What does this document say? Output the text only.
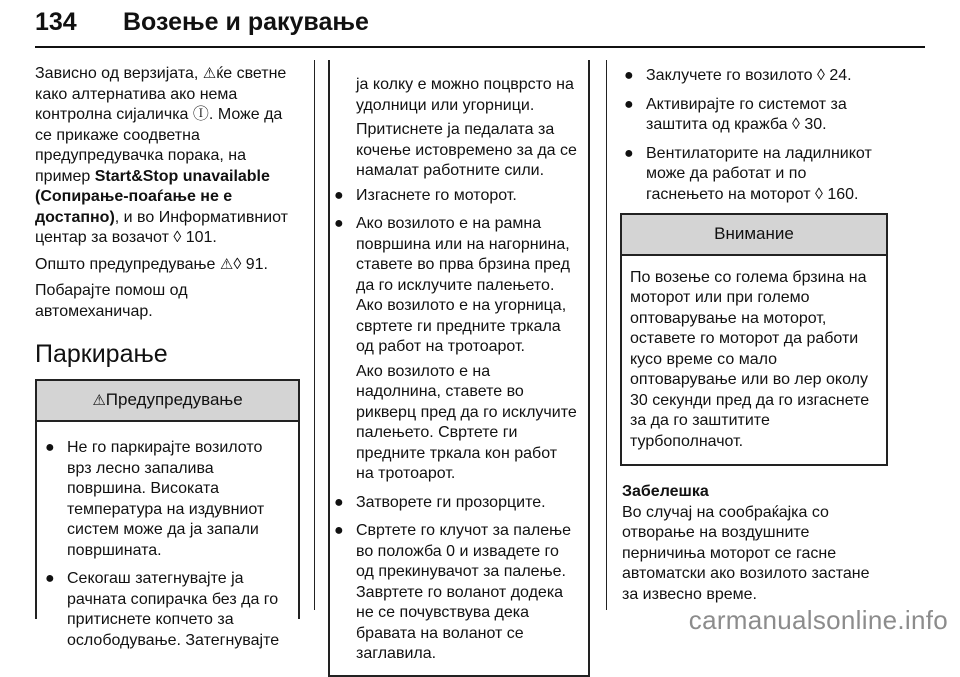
134 Возење и ракување

Зависно од верзијата, ⚠ќе светне како алтернатива ако нема контролна сијаличка Ⓘ. Може да се прикаже соодветна предупредувачка порака, на пример Start&Stop unavailable (Сопирање-поаѓање не е достапно), и во Информативниот центар за возачот ◊ 101.

Општо предупредување ⚠◊ 91.

Побарајте помош од автомеханичар.

Паркирање
⚠Предупредување
● Не го паркирајте возилото врз лесно запалива површина. Високата температура на издувниот систем може да ја запали површината.
● Секогаш затегнувајте ја рачната сопирачка без да го притиснете копчето за ослободување. Затегнувајте

ја колку е можно поцврсто на удолници или угорници.

Притиснете ја педалата за кочење истовремено за да се намалат работните сили.

● Изгаснете го моторот.
● Ако возилото е на рамна површина или на нагорнина, ставете во прва брзина пред да го исклучите палењето. Ако возилото е на угорница, свртете ги предните тркала од работ на тротоарот.

Ако возилото е на надолнина, ставете во рикверц пред да го исклучите палењето. Свртете ги предните тркала кон работ на тротоарот.

● Затворете ги прозорците.
● Свртете го клучот за палење во положба 0 и извадете го од прекинувачот за палење. Завртете го воланот додека не се почувствува дека бравата на воланот се заглавила.
● Заклучете го возилото ◊ 24.
● Активирајте го системот за заштита од кражба ◊ 30.
● Вентилаторите на ладилникот може да работат и по гаснењето на моторот ◊ 160.
Внимание
По возење со голема брзина на моторот или при големо оптоварување на моторот, оставете го моторот да работи кусо време со мало оптоварување или во лер околу 30 секунди пред да го изгаснете за да го заштитите турбополначот.
Забелешка
Во случај на сообраќајка со отворање на воздушните перничиња моторот се гасне автоматски ако возилото застане за извесно време.
carmanualsonline.info
